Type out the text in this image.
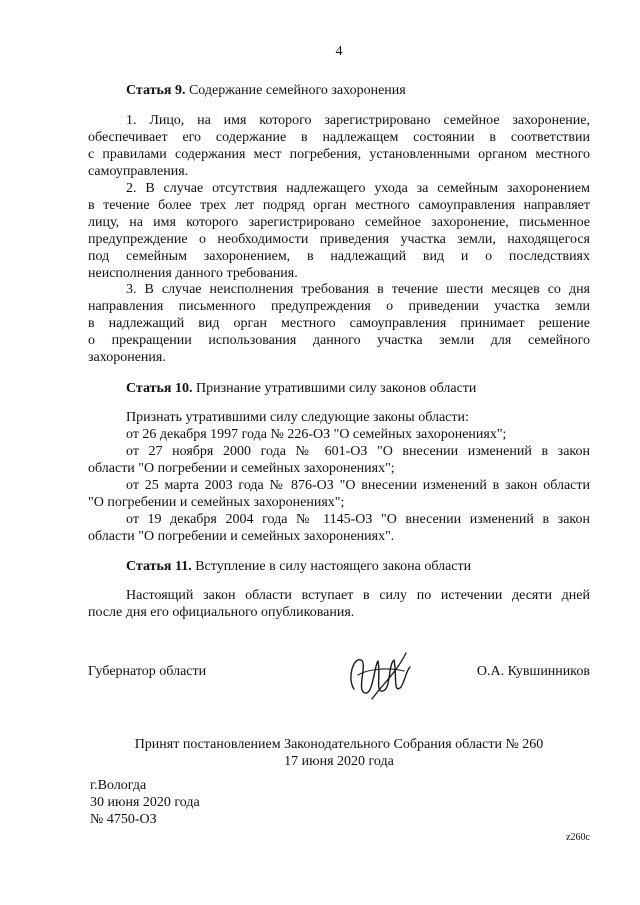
4
Статья 9. Содержание семейного захоронения
1. Лицо, на имя которого зарегистрировано семейное захоронение,
обеспечивает его содержание в надлежащем состоянии в соответствии
с правилами содержания мест погребения, установленными органом местного
самоуправления.
2. В случае отсутствия надлежащего ухода за семейным захоронением
в течение более трех лет подряд орган местного самоуправления направляет
лицу, на имя которого зарегистрировано семейное захоронение, письменное
предупреждение о необходимости приведения участка земли, находящегося
под семейным захоронением, в надлежащий вид и о последствиях
неисполнения данного требования.
3. В случае неисполнения требования в течение шести месяцев со дня
направления письменного предупреждения о приведении участка земли
в надлежащий вид орган местного самоуправления принимает решение
о прекращении использования данного участка земли для семейного
захоронения.
Статья 10. Признание утратившими силу законов области
Признать утратившими силу следующие законы области:
от 26 декабря 1997 года № 226-ОЗ "О семейных захоронениях";
от 27 ноября 2000 года № 601-ОЗ "О внесении изменений в закон
области "О погребении и семейных захоронениях";
от 25 марта 2003 года № 876-ОЗ "О внесении изменений в закон области
"О погребении и семейных захоронениях";
от 19 декабря 2004 года № 1145-ОЗ "О внесении изменений в закон
области "О погребении и семейных захоронениях".
Статья 11. Вступление в силу настоящего закона области
Настоящий закон области вступает в силу по истечении десяти дней
после дня его официального опубликования.
Губернатор области	О.А. Кувшинников
Принят постановлением Законодательного Собрания области № 260
17 июня 2020 года
г.Вологда
30 июня 2020 года
№ 4750-ОЗ
z260c
